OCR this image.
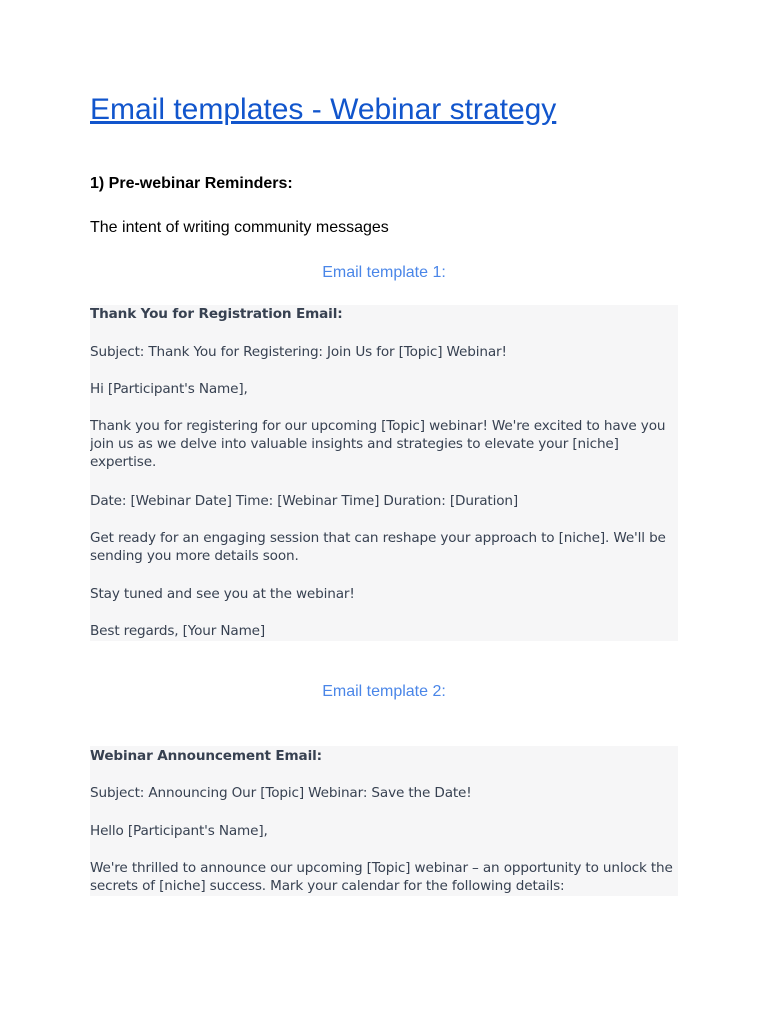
Email templates - Webinar strategy

1) Pre-webinar Reminders:

The intent of writing community messages

Email template 1:

Thank You for Registration Email:

Subject: Thank You for Registering: Join Us for [Topic] Webinar!

Hi [Participant's Name],

Thank you for registering for our upcoming [Topic] webinar! We're excited to have you join us as we delve into valuable insights and strategies to elevate your [niche] expertise.

Date: [Webinar Date] Time: [Webinar Time] Duration: [Duration]

Get ready for an engaging session that can reshape your approach to [niche]. We'll be sending you more details soon.

Stay tuned and see you at the webinar!

Best regards, [Your Name]

Email template 2:

Webinar Announcement Email:

Subject: Announcing Our [Topic] Webinar: Save the Date!

Hello [Participant's Name],

We're thrilled to announce our upcoming [Topic] webinar – an opportunity to unlock the secrets of [niche] success. Mark your calendar for the following details:
